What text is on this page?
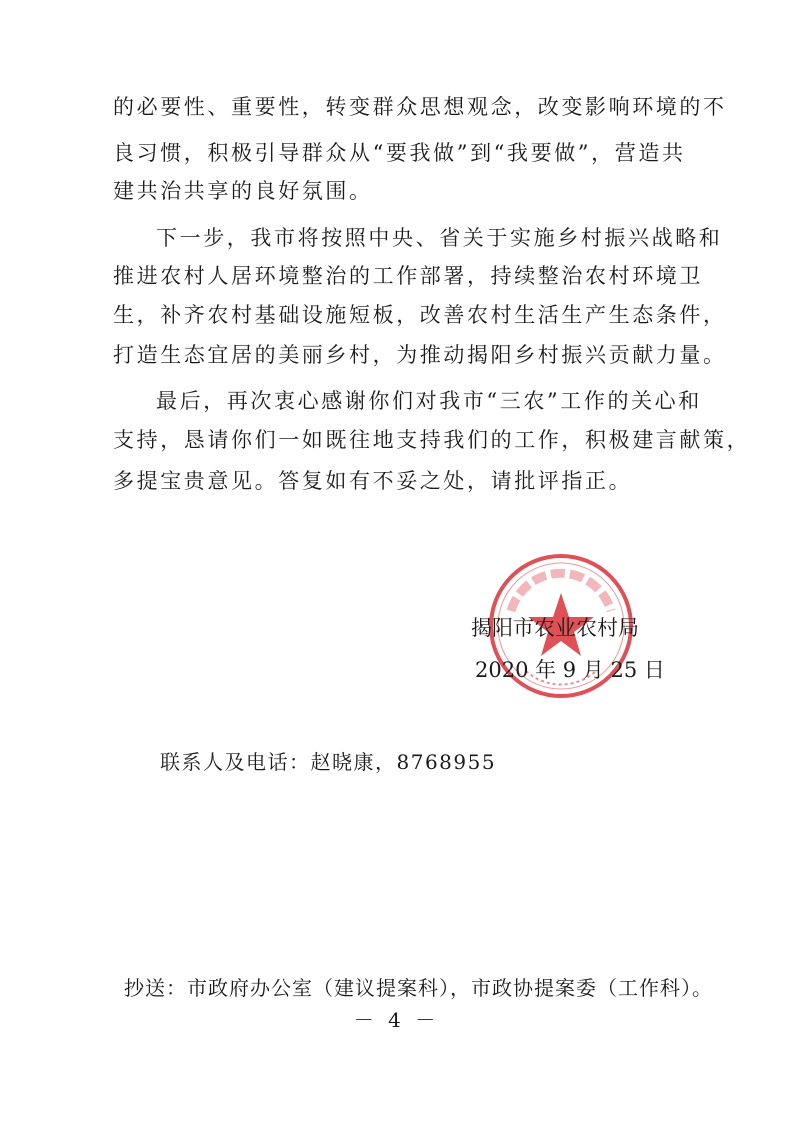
的必要性、重要性，转变群众思想观念，改变影响环境的不
良习惯，积极引导群众从“要我做”到“我要做”，营造共
建共治共享的良好氛围。
下一步，我市将按照中央、省关于实施乡村振兴战略和
推进农村人居环境整治的工作部署，持续整治农村环境卫
生，补齐农村基础设施短板，改善农村生活生产生态条件，
打造生态宜居的美丽乡村，为推动揭阳乡村振兴贡献力量。
最后，再次衷心感谢你们对我市“三农”工作的关心和
支持，恳请你们一如既往地支持我们的工作，积极建言献策，
多提宝贵意见。答复如有不妥之处，请批评指正。
揭阳市农业农村局
2020 年 9 月 25 日
联系人及电话：赵晓康，8768955
抄送：市政府办公室（建议提案科），市政协提案委（工作科）。
－ 4 －
